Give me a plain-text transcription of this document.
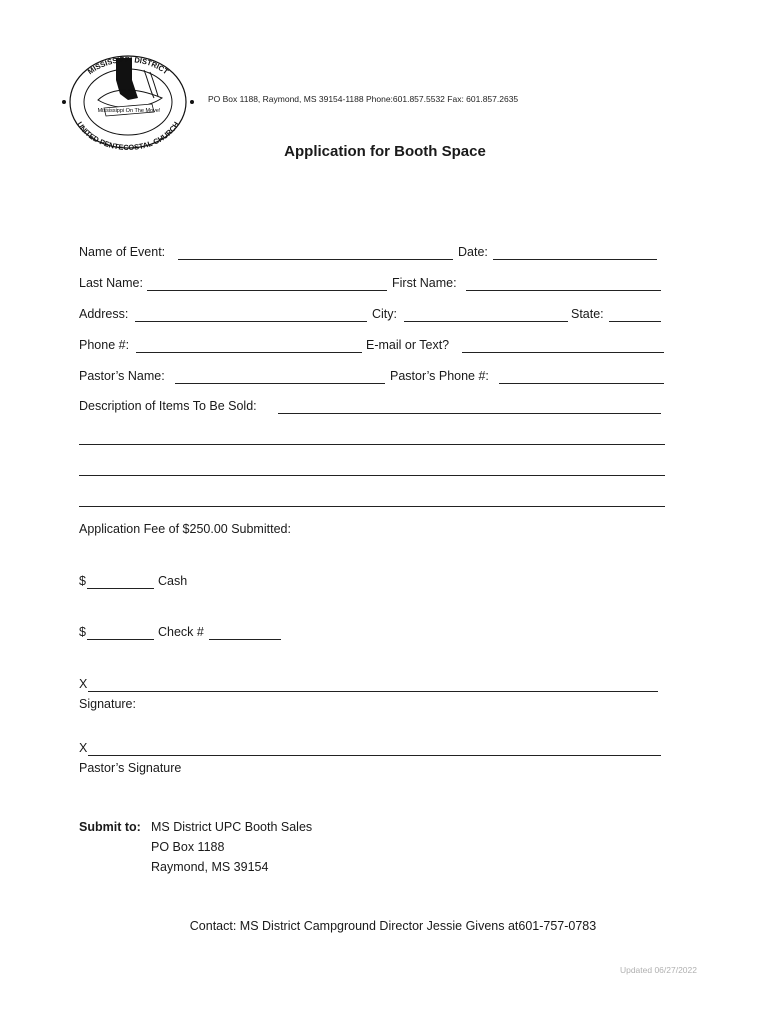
Mississippi On The Move!
MISSISSIPPI DISTRICT
UNITED PENTECOSTAL CHURCH
PO Box 1188, Raymond, MS 39154-1188 Phone:601.857.5532 Fax: 601.857.2635
Application for Booth Space
Name of Event:	Date:
Last Name:	First Name:
Address:	City:	State:
Phone #:	E-mail or Text?
Pastor’s Name:	Pastor’s Phone #:
Description of Items To Be Sold:
Application Fee of $250.00 Submitted:
$	Cash
$	Check #
X
Signature:
X
Pastor’s Signature
Submit to: MS District UPC Booth Sales
PO Box 1188
Raymond, MS 39154
Contact: MS District Campground Director Jessie Givens at601-757-0783
Updated 06/27/2022
